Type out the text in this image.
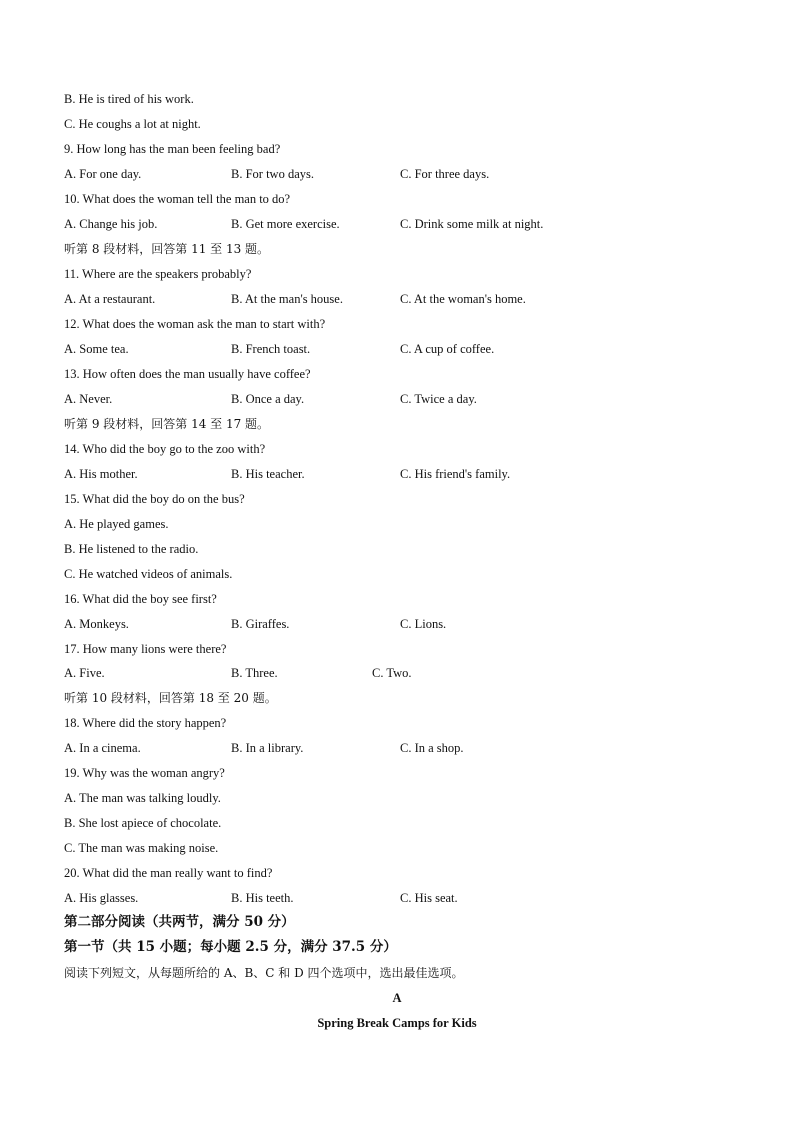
B. He is tired of his work.
C. He coughs a lot at night.
9. How long has the man been feeling bad?
A. For one day.	B. For two days.	C. For three days.
10. What does the woman tell the man to do?
A. Change his job.	B. Get more exercise.	C. Drink some milk at night.
听第 8 段材料，回答第 11 至 13 题。
11. Where are the speakers probably?
A. At a restaurant.	B. At the man's house.	C. At the woman's home.
12. What does the woman ask the man to start with?
A. Some tea.	B. French toast.	C. A cup of coffee.
13. How often does the man usually have coffee?
A. Never.	B. Once a day.	C. Twice a day.
听第 9 段材料，回答第 14 至 17 题。
14. Who did the boy go to the zoo with?
A. His mother.	B. His teacher.	C. His friend's family.
15. What did the boy do on the bus?
A. He played games.
B. He listened to the radio.
C. He watched videos of animals.
16. What did the boy see first?
A. Monkeys.	B. Giraffes.	C. Lions.
17. How many lions were there?
A. Five.	B. Three.	C. Two.
听第 10 段材料，回答第 18 至 20 题。
18. Where did the story happen?
A. In a cinema.	B. In a library.	C. In a shop.
19. Why was the woman angry?
A. The man was talking loudly.
B. She lost apiece of chocolate.
C. The man was making noise.
20. What did the man really want to find?
A. His glasses.	B. His teeth.	C. His seat.
第二部分阅读（共两节，满分 50 分）
第一节（共 15 小题；每小题 2.5 分，满分 37.5 分）
阅读下列短文，从每题所给的 A、B、C 和 D 四个选项中，选出最佳选项。
A
Spring Break Camps for Kids
